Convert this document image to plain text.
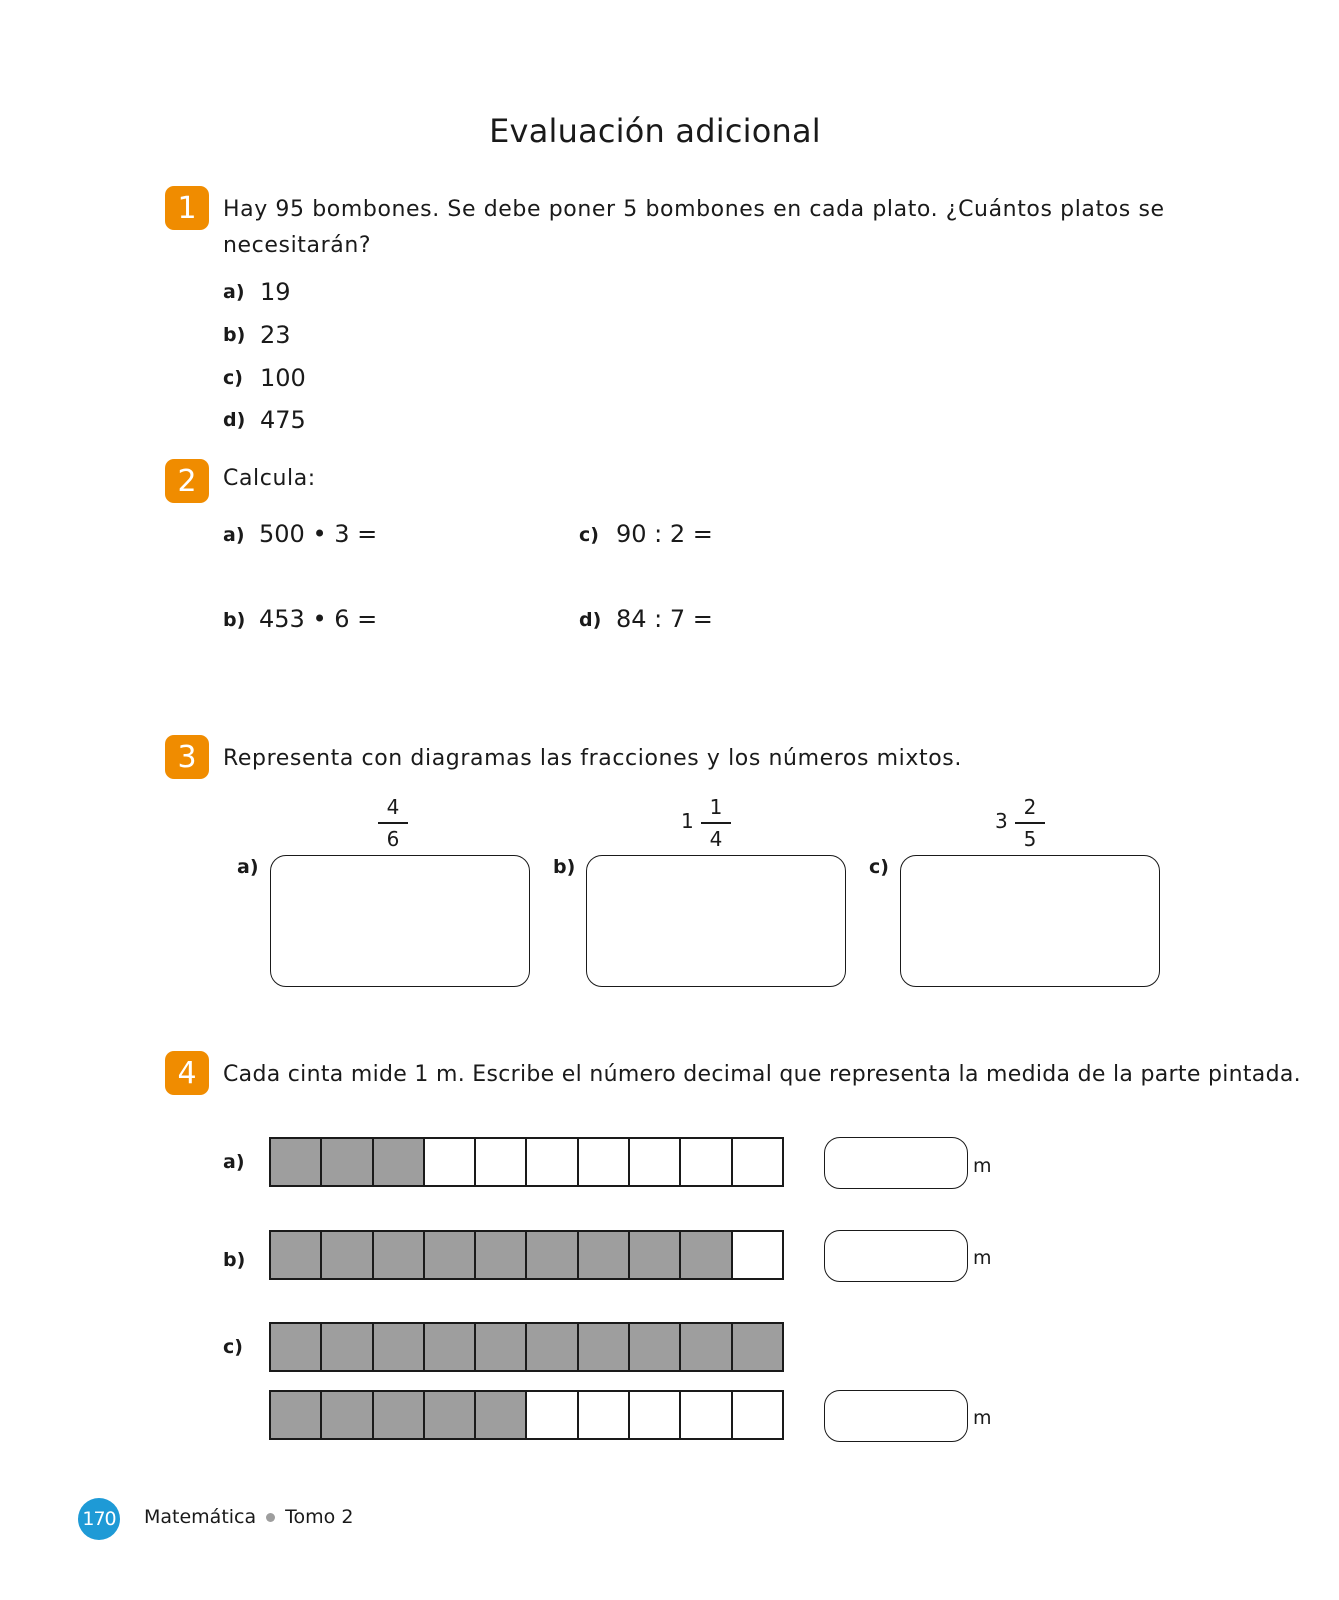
Evaluación adicional
1	Hay 95 bombones. Se debe poner 5 bombones en cada plato. ¿Cuántos platos se
necesitarán?
a) 19
b) 23
c) 100
d) 475
2	Calcula:
a) 500 • 3 =
b) 453 • 6 =
c) 90 : 2 =
d) 84 : 7 =
3	Representa con diagramas las fracciones y los números mixtos.
4
6
a)
1
1
4
b)
3
2
5
c)
4	Cada cinta mide 1 m. Escribe el número decimal que representa la medida de la parte pintada.
a)	m
b)	m
c)
m
170 Matemática Tomo 2
